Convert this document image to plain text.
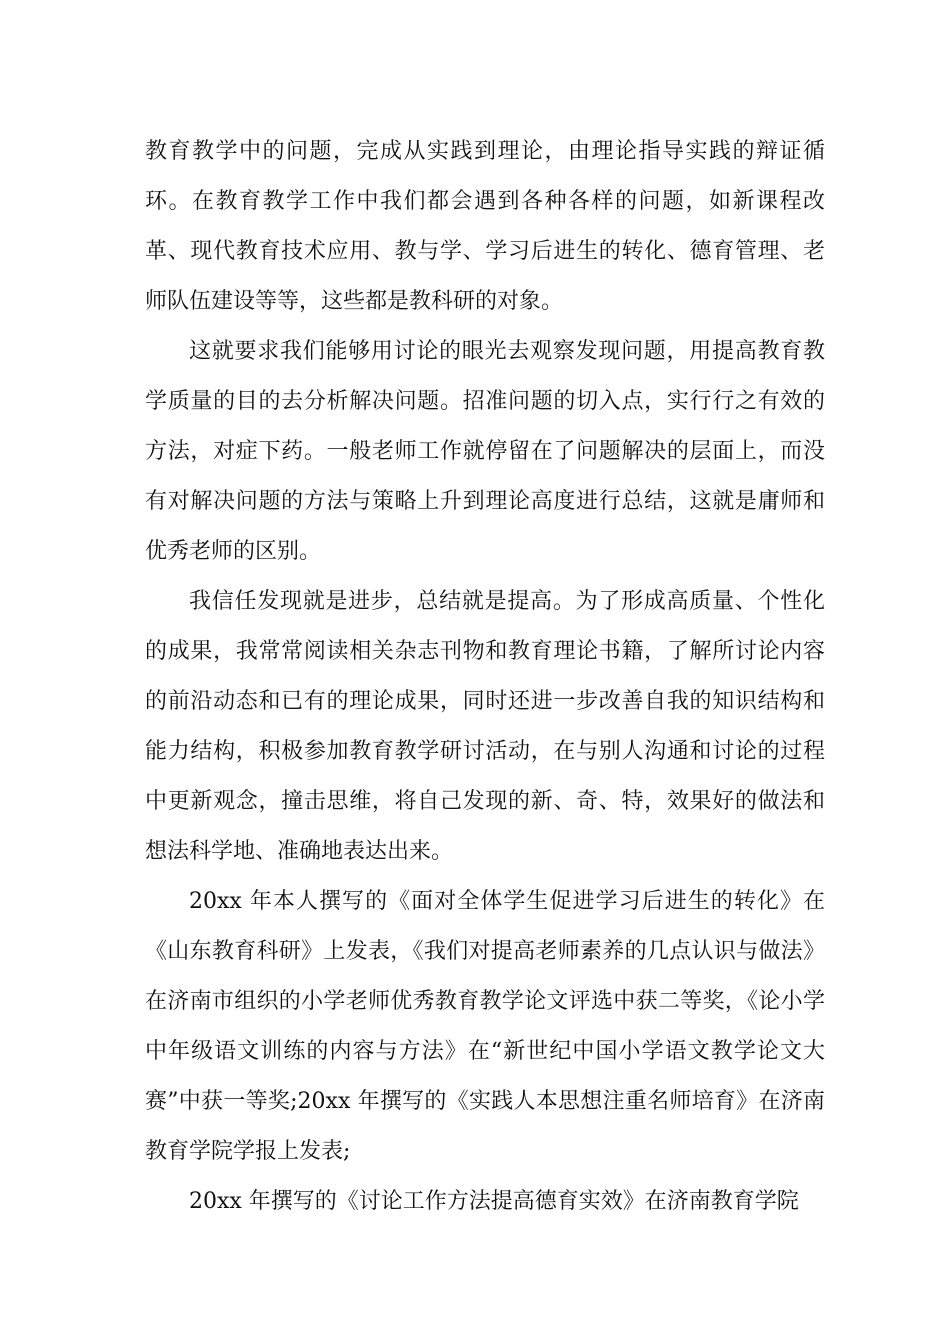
教育教学中的问题，完成从实践到理论，由理论指导实践的辩证循环。在教育教学工作中我们都会遇到各种各样的问题，如新课程改革、现代教育技术应用、教与学、学习后进生的转化、德育管理、老师队伍建设等等，这些都是教科研的对象。

这就要求我们能够用讨论的眼光去观察发现问题，用提高教育教学质量的目的去分析解决问题。招准问题的切入点，实行行之有效的方法，对症下药。一般老师工作就停留在了问题解决的层面上，而没有对解决问题的方法与策略上升到理论高度进行总结，这就是庸师和优秀老师的区别。

我信任发现就是进步，总结就是提高。为了形成高质量、个性化的成果，我常常阅读相关杂志刊物和教育理论书籍，了解所讨论内容的前沿动态和已有的理论成果，同时还进一步改善自我的知识结构和能力结构，积极参加教育教学研讨活动，在与别人沟通和讨论的过程中更新观念，撞击思维，将自己发现的新、奇、特，效果好的做法和想法科学地、准确地表达出来。

20xx 年本人撰写的《面对全体学生促进学习后进生的转化》在《山东教育科研》上发表，《我们对提高老师素养的几点认识与做法》在济南市组织的小学老师优秀教育教学论文评选中获二等奖，《论小学中年级语文训练的内容与方法》在“新世纪中国小学语文教学论文大赛”中获一等奖;20xx 年撰写的《实践人本思想注重名师培育》在济南教育学院学报上发表;

20xx 年撰写的《讨论工作方法提高德育实效》在济南教育学院
